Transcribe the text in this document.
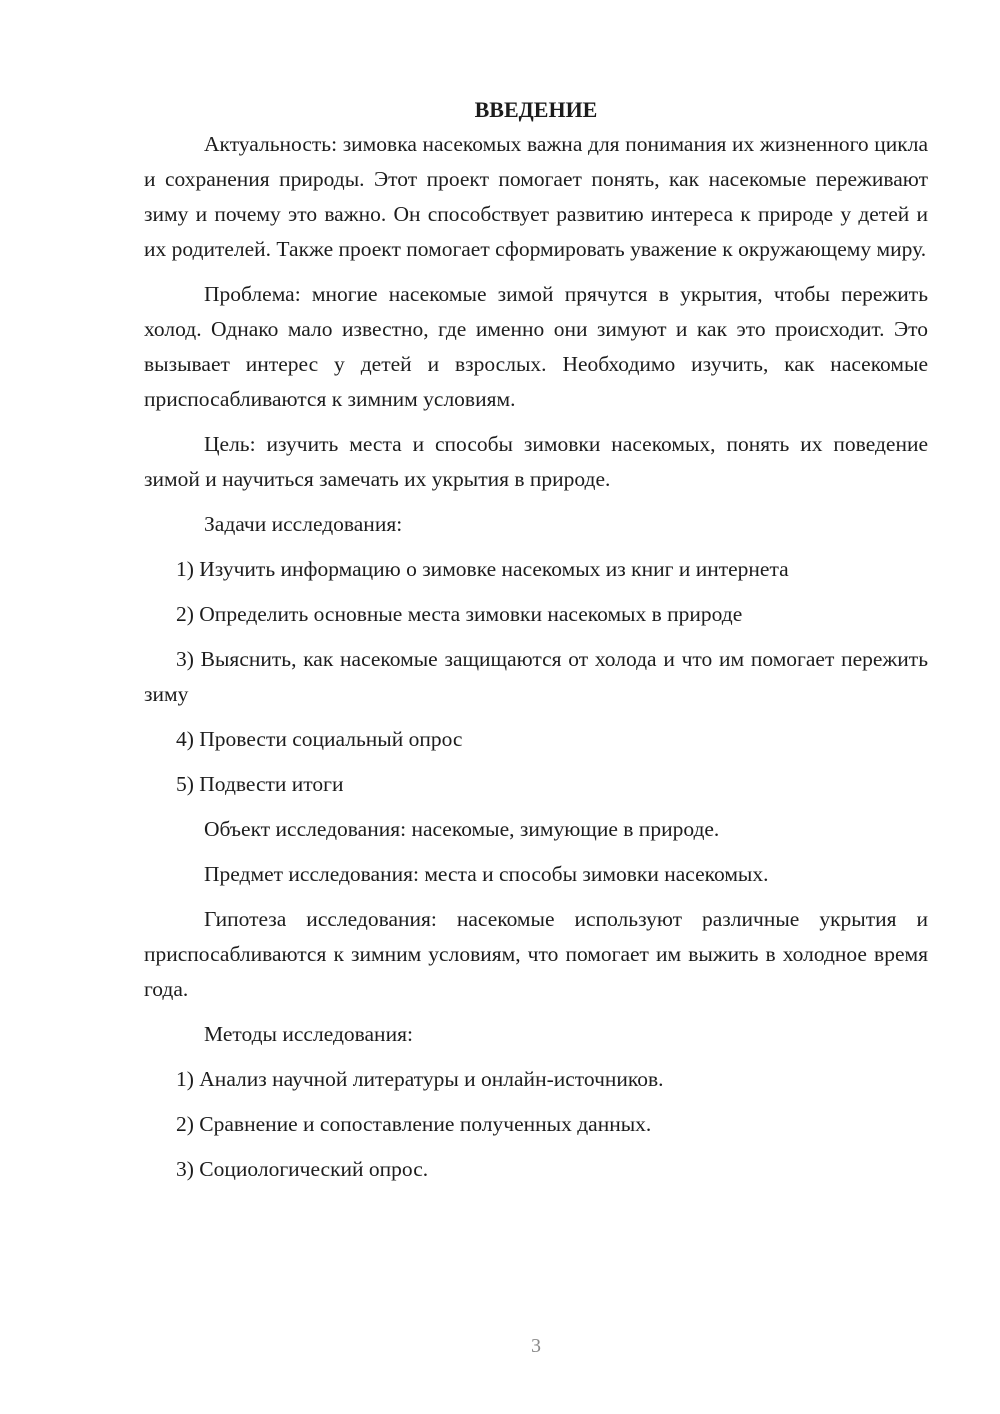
ВВЕДЕНИЕ

Актуальность: зимовка насекомых важна для понимания их жизненного цикла и сохранения природы. Этот проект помогает понять, как насекомые переживают зиму и почему это важно. Он способствует развитию интереса к природе у детей и их родителей. Также проект помогает сформировать уважение к окружающему миру.

Проблема: многие насекомые зимой прячутся в укрытия, чтобы пережить холод. Однако мало известно, где именно они зимуют и как это происходит. Это вызывает интерес у детей и взрослых. Необходимо изучить, как насекомые приспосабливаются к зимним условиям.

Цель: изучить места и способы зимовки насекомых, понять их поведение зимой и научиться замечать их укрытия в природе.

Задачи исследования:

1) Изучить информацию о зимовке насекомых из книг и интернета

2) Определить основные места зимовки насекомых в природе

3) Выяснить, как насекомые защищаются от холода и что им помогает пережить зиму

4) Провести социальный опрос

5) Подвести итоги

Объект исследования: насекомые, зимующие в природе.

Предмет исследования: места и способы зимовки насекомых.

Гипотеза исследования: насекомые используют различные укрытия и приспосабливаются к зимним условиям, что помогает им выжить в холодное время года.

Методы исследования:

1) Анализ научной литературы и онлайн-источников.

2) Сравнение и сопоставление полученных данных.

3) Социологический опрос.

3
